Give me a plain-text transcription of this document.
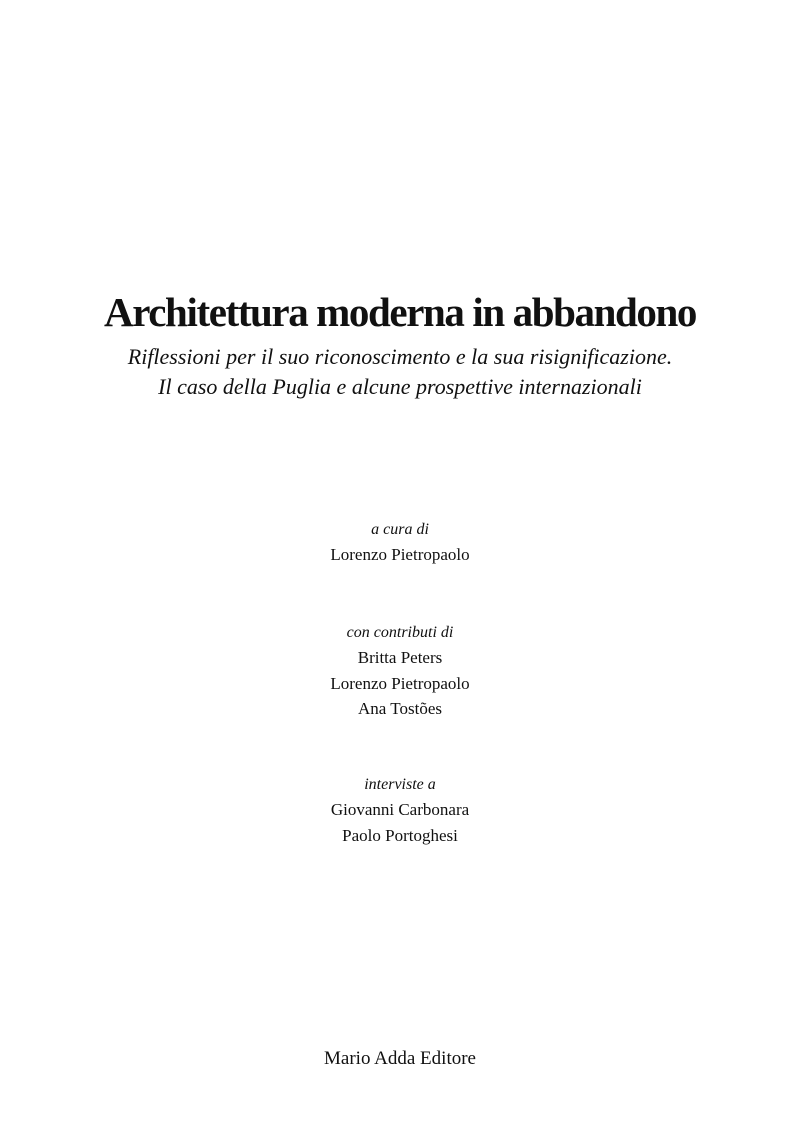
Architettura moderna in abbandono
Riflessioni per il suo riconoscimento e la sua risignificazione.
Il caso della Puglia e alcune prospettive internazionali
a cura di
Lorenzo Pietropaolo
con contributi di
Britta Peters
Lorenzo Pietropaolo
Ana Tostões
interviste a
Giovanni Carbonara
Paolo Portoghesi
Mario Adda Editore
